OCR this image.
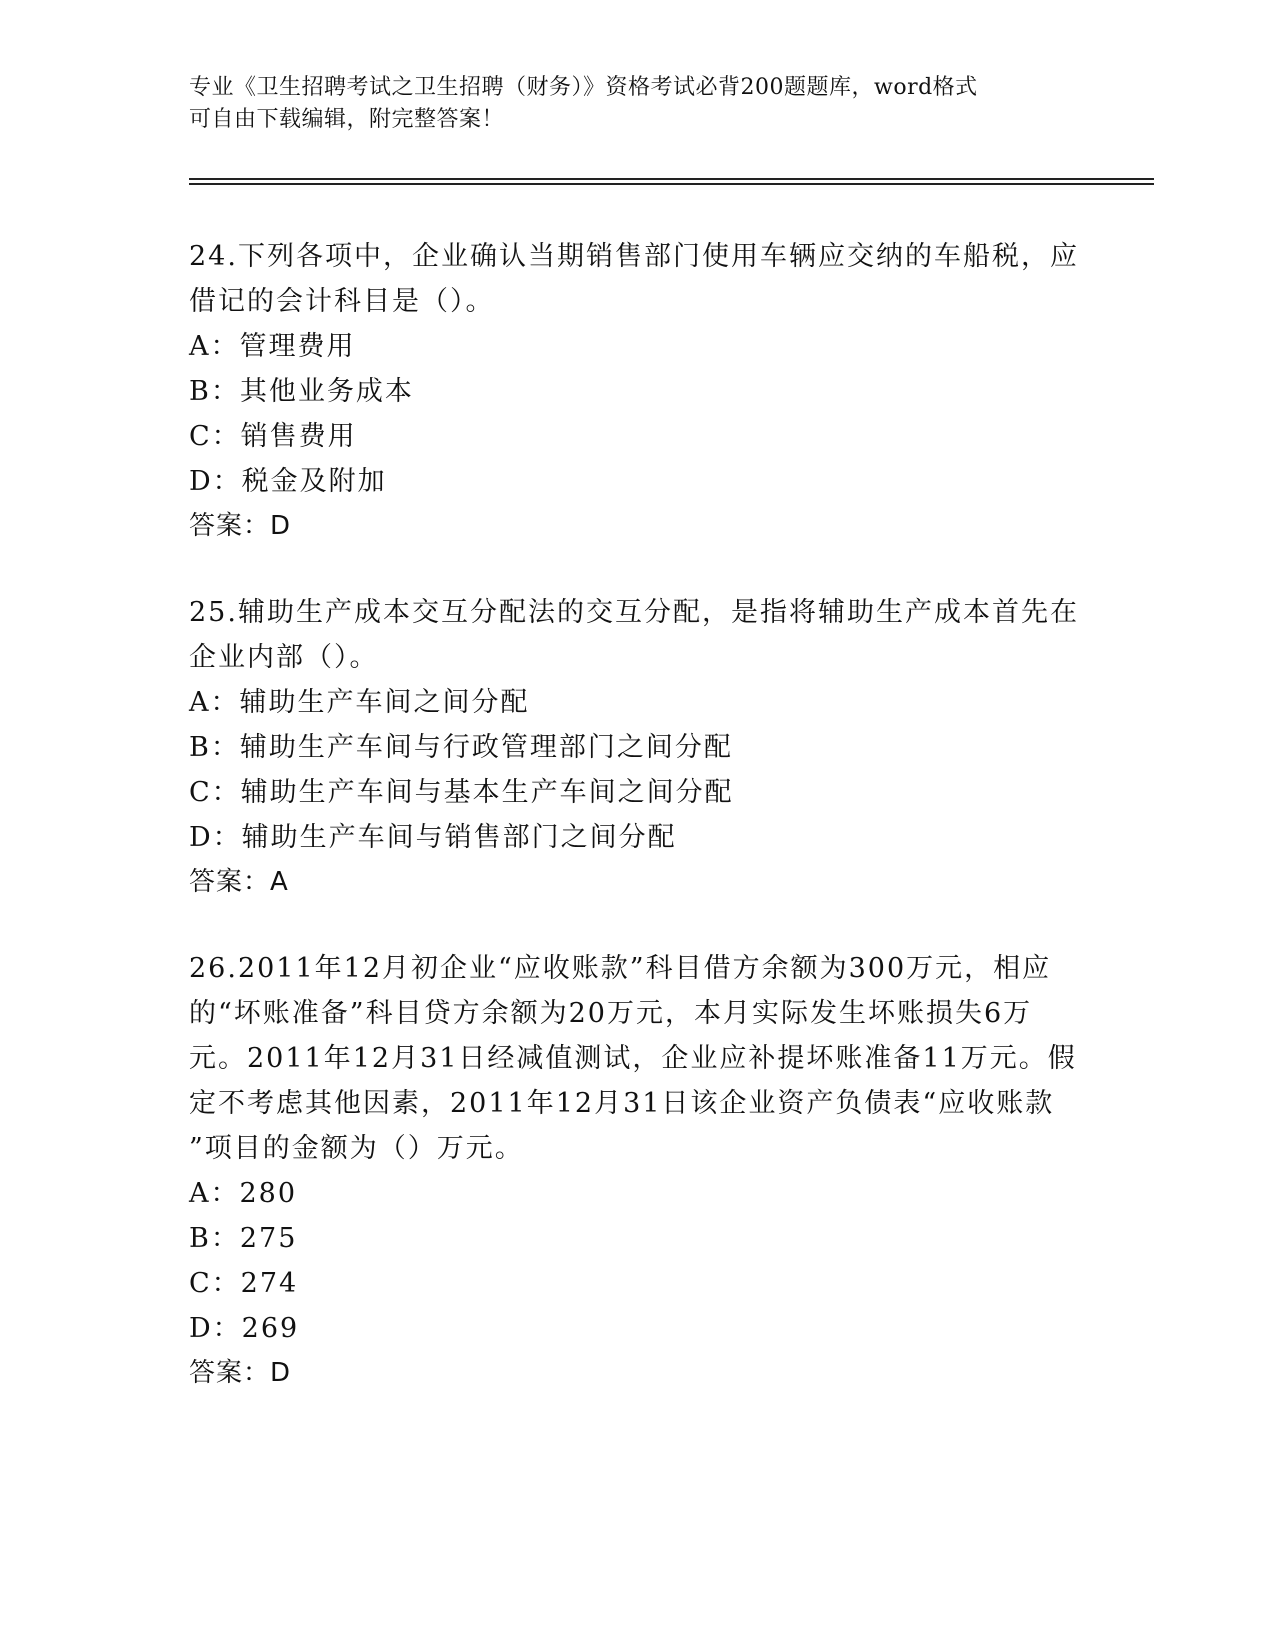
专业《卫生招聘考试之卫生招聘（财务）》资格考试必背200题题库，word格式
可自由下载编辑，附完整答案！
24.下列各项中，企业确认当期销售部门使用车辆应交纳的车船税，应
借记的会计科目是（）。
A：管理费用
B：其他业务成本
C：销售费用
D：税金及附加
答案：D
25.辅助生产成本交互分配法的交互分配，是指将辅助生产成本首先在
企业内部（）。
A：辅助生产车间之间分配
B：辅助生产车间与行政管理部门之间分配
C：辅助生产车间与基本生产车间之间分配
D：辅助生产车间与销售部门之间分配
答案：A
26.2011年12月初企业“应收账款”科目借方余额为300万元，相应
的“坏账准备”科目贷方余额为20万元，本月实际发生坏账损失6万
元。2011年12月31日经减值测试，企业应补提坏账准备11万元。假
定不考虑其他因素，2011年12月31日该企业资产负债表“应收账款
”项目的金额为（）万元。
A：280
B：275
C：274
D：269
答案：D
